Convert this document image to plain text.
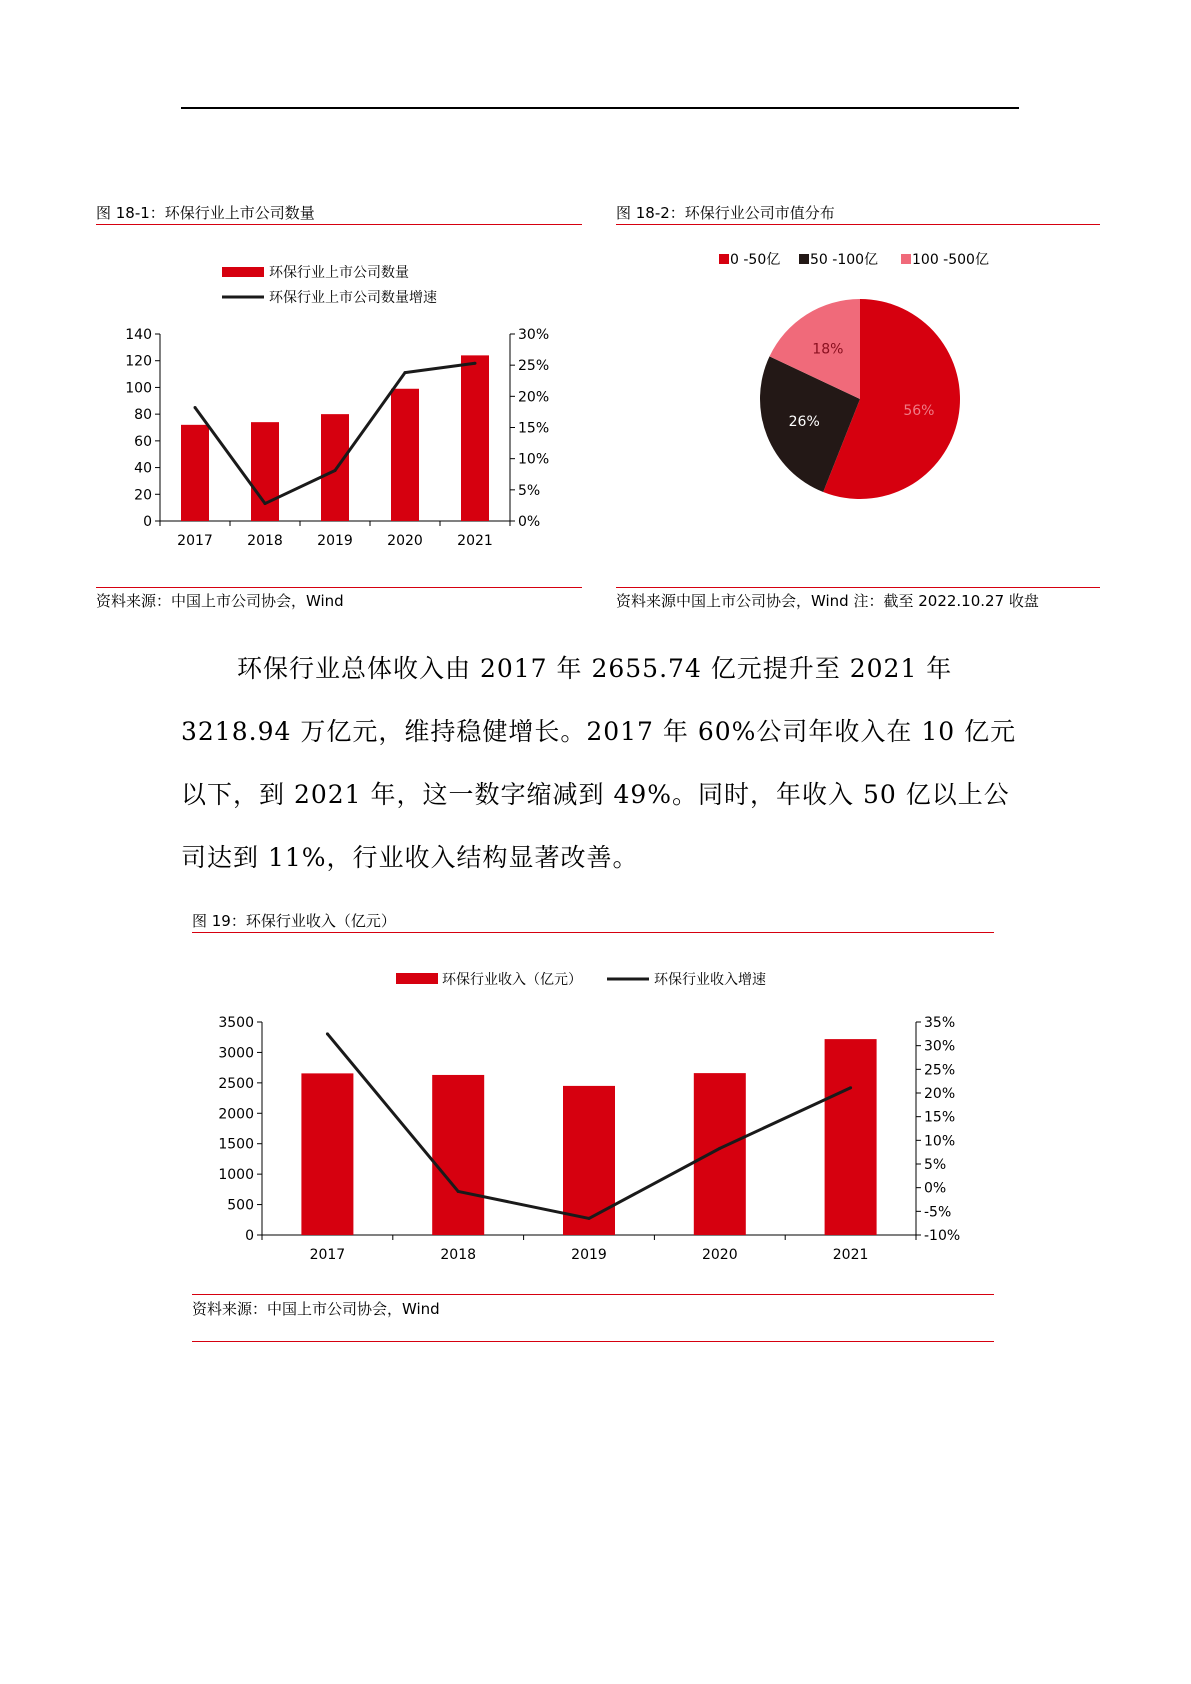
图 18-1：环保行业上市公司数量
环保行业上市公司数量
环保行业上市公司数量增速
0
20
40
60
80
100
120
140
0%
5%
10%
15%
20%
25%
30%
2017 2018 2019 2020 2021
资料来源：中国上市公司协会，Wind
图 18-2：环保行业公司市值分布
0 -50亿 50 -100亿 100 -500亿
56%
26%
18%
资料来源中国上市公司协会，Wind 注：截至 2022.10.27 收盘
环保行业总体收入由 2017 年 2655.74 亿元提升至 2021 年
3218.94 万亿元，维持稳健增长。2017 年 60%公司年收入在 10 亿元
以下，到 2021 年，这一数字缩减到 49%。同时，年收入 50 亿以上公
司达到 11%，行业收入结构显著改善。
图 19：环保行业收入（亿元）
环保行业收入（亿元）	环保行业收入增速
0
500
1000
1500
2000
2500
3000
3500
-10%
-5%
0%
5%
10%
15%
20%
25%
30%
35%
2017	2018	2019	2020	2021
资料来源：中国上市公司协会，Wind
